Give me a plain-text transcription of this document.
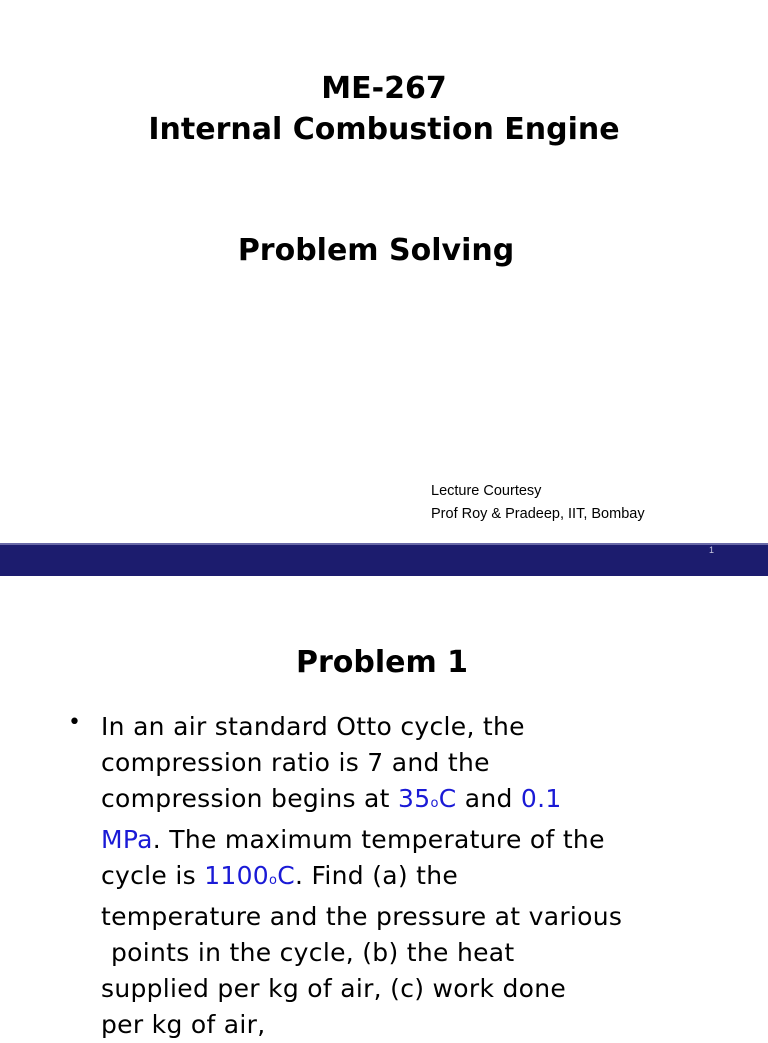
ME-267
Internal Combustion Engine
Problem Solving
Lecture Courtesy
Prof Roy & Pradeep, IIT, Bombay
1
Problem 1
• In an air standard Otto cycle, the
compression ratio is 7 and the
compression begins at 35oC and 0.1
MPa. The maximum temperature of the
cycle is 1100oC. Find (a) the
temperature and the pressure at various
points in the cycle, (b) the heat
supplied per kg of air, (c) work done
per kg of air,
